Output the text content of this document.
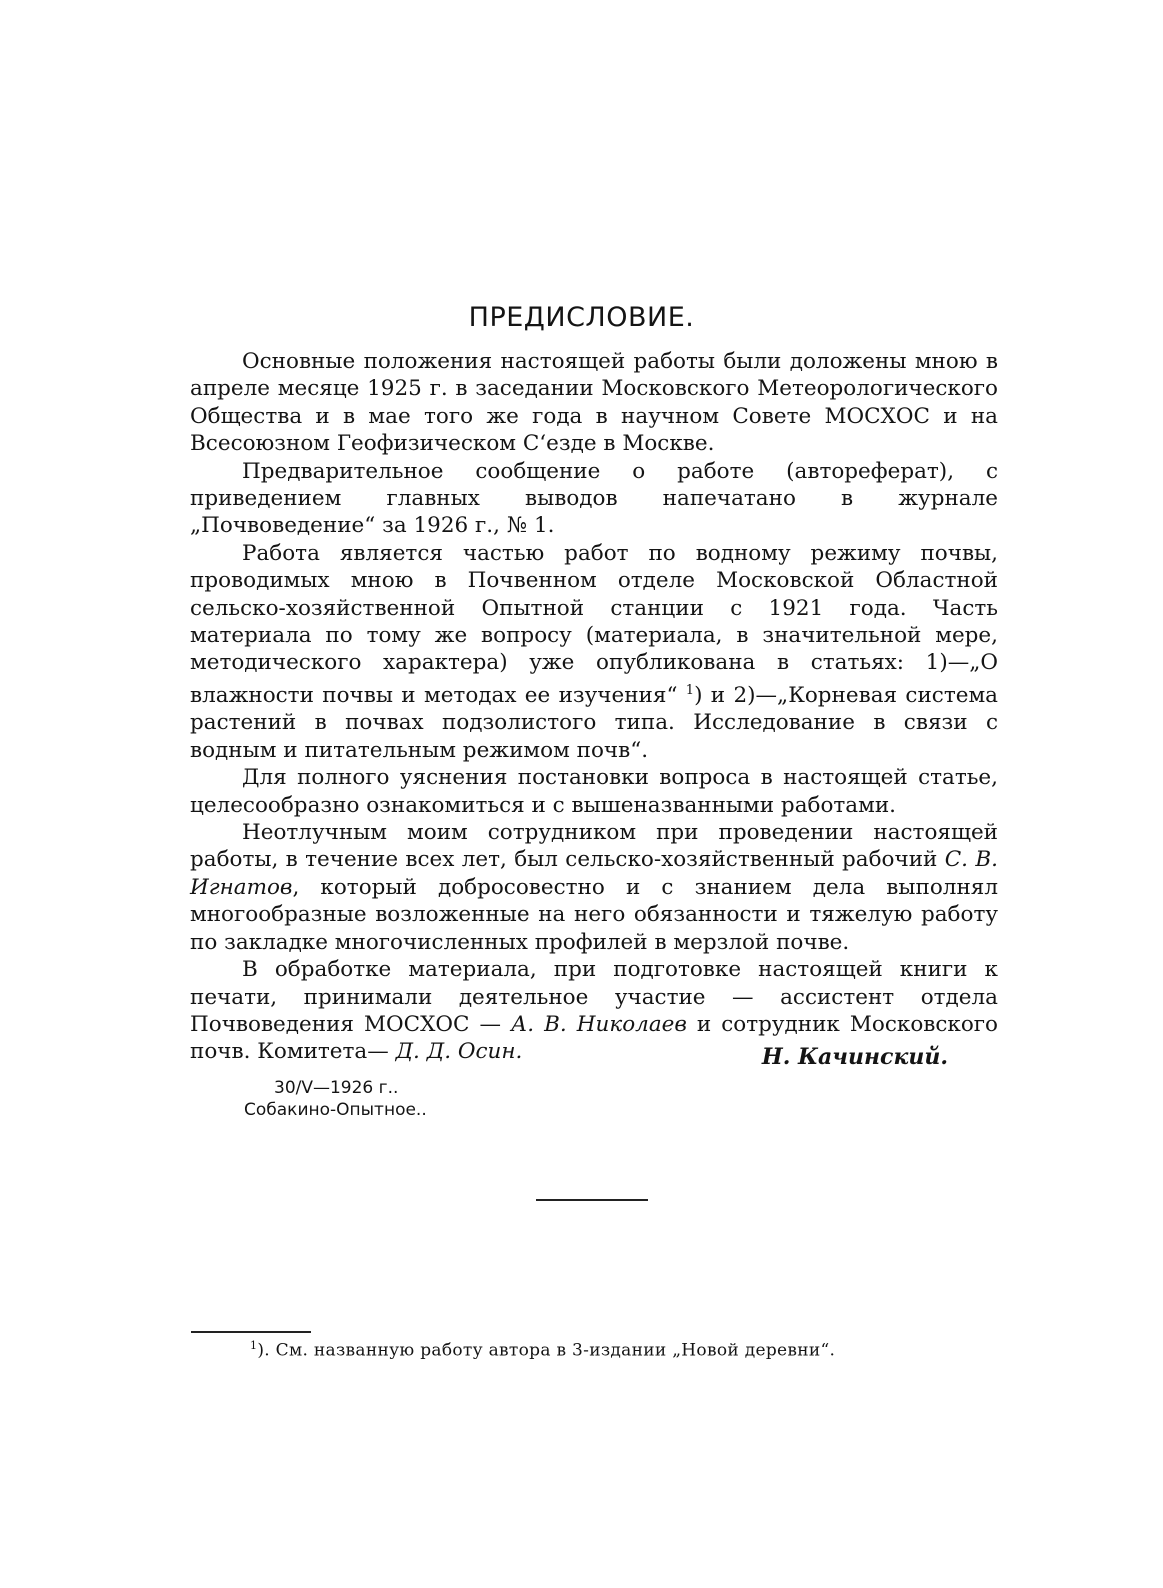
ПРЕДИСЛОВИЕ.

Основные положения настоящей работы были доложены мною в апреле месяце 1925 г. в заседании Московского Метеорологического Общества и в мае того же года в научном Совете МОСХОС и на Всесоюзном Геофизическом С‘езде в Москве.

Предварительное сообщение о работе (автореферат), с приведением главных выводов напечатано в журнале „Почвоведение“ за 1926 г., № 1.

Работа является частью работ по водному режиму почвы, проводимых мною в Почвенном отделе Московской Областной сельско-хозяйственной Опытной станции с 1921 года. Часть материала по тому же вопросу (материала, в значительной мере, методического характера) уже опубликована в статьях: 1)—„О влажности почвы и методах ее изучения“ $^1$) и 2)—„Корневая система растений в почвах подзолистого типа. Исследование в связи с водным и питательным режимом почв“.

Для полного уяснения постановки вопроса в настоящей статье, целесообразно ознакомиться и с вышеназванными работами.

Неотлучным моим сотрудником при проведении настоящей работы, в течение всех лет, был сельско-хозяйственный рабочий С. В. Игнатов, который добросовестно и с знанием дела выполнял многообразные возложенные на него обязанности и тяжелую работу по закладке многочисленных профилей в мерзлой почве.

В обработке материала, при подготовке настоящей книги к печати, принимали деятельное участие — ассистент отдела Почвоведения МОСХОС — А. В. Николаев и сотрудник Московского почв. Комитета— Д. Д. Осин.	Н. Качинский.
30/V—1926 г..
Собакино-Опытное..
$^1$). См. названную работу автора в 3-издании „Новой деревни“.
